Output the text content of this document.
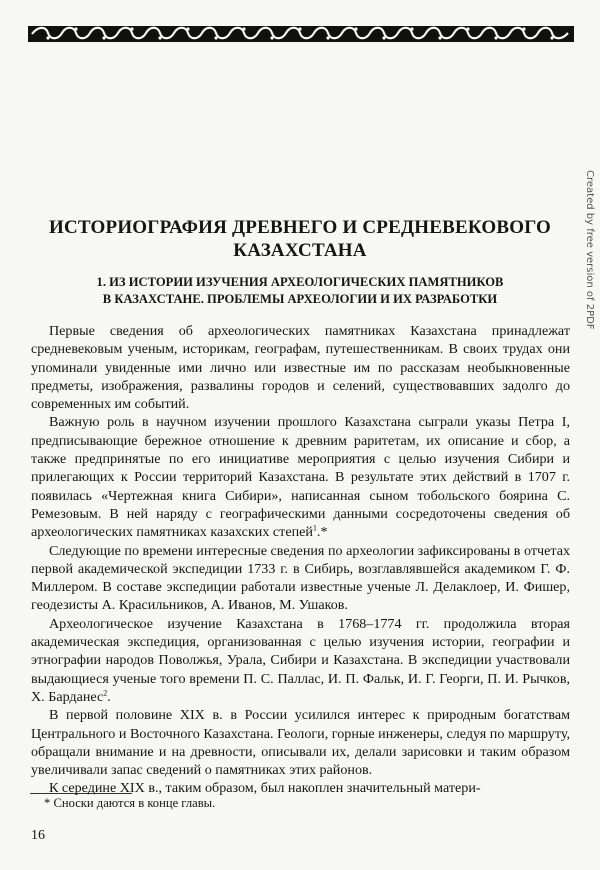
Created by free version of 2PDF
ИСТОРИОГРАФИЯ ДРЕВНЕГО И СРЕДНЕВЕКОВОГО
КАЗАХСТАНА
1. ИЗ ИСТОРИИ ИЗУЧЕНИЯ АРХЕОЛОГИЧЕСКИХ ПАМЯТНИКОВ
В КАЗАХСТАНЕ. ПРОБЛЕМЫ АРХЕОЛОГИИ И ИХ РАЗРАБОТКИ

Первые сведения об археологических памятниках Казахстана принадлежат средневековым ученым, историкам, географам, путешественникам. В своих трудах они упоминали увиденные ими лично или известные им по рассказам необыкновенные предметы, изображения, развалины городов и селений, существовавших задолго до современных им событий.

Важную роль в научном изучении прошлого Казахстана сыграли указы Петра I, предписывающие бережное отношение к древним раритетам, их описание и сбор, а также предпринятые по его инициативе мероприятия с целью изучения Сибири и прилегающих к России территорий Казахстана. В результате этих действий в 1707 г. появилась «Чертежная книга Сибири», написанная сыном тобольского боярина С. Ремезовым. В ней наряду с географическими данными сосредоточены сведения об археологических памятниках казахских степей$^1$.*

Следующие по времени интересные сведения по археологии зафиксированы в отчетах первой академической экспедиции 1733 г. в Сибирь, возглавлявшейся академиком Г. Ф. Миллером. В составе экспедиции работали известные ученые Л. Делаклоер, И. Фишер, геодезисты А. Красильников, А. Иванов, М. Ушаков.

Археологическое изучение Казахстана в 1768–1774 гг. продолжила вторая академическая экспедиция, организованная с целью изучения истории, географии и этнографии народов Поволжья, Урала, Сибири и Казахстана. В экспедиции участвовали выдающиеся ученые того времени П. С. Паллас, И. П. Фальк, И. Г. Георги, П. И. Рычков, Х. Барданес$^2$.

В первой половине XIX в. в России усилился интерес к природным богатствам Центрального и Восточного Казахстана. Геологи, горные инженеры, следуя по маршруту, обращали внимание и на древности, описывали их, делали зарисовки и таким образом увеличивали запас сведений о памятниках этих районов.

К середине XIX в., таким образом, был накоплен значительный матери-

* Сноски даются в конце главы.
16
